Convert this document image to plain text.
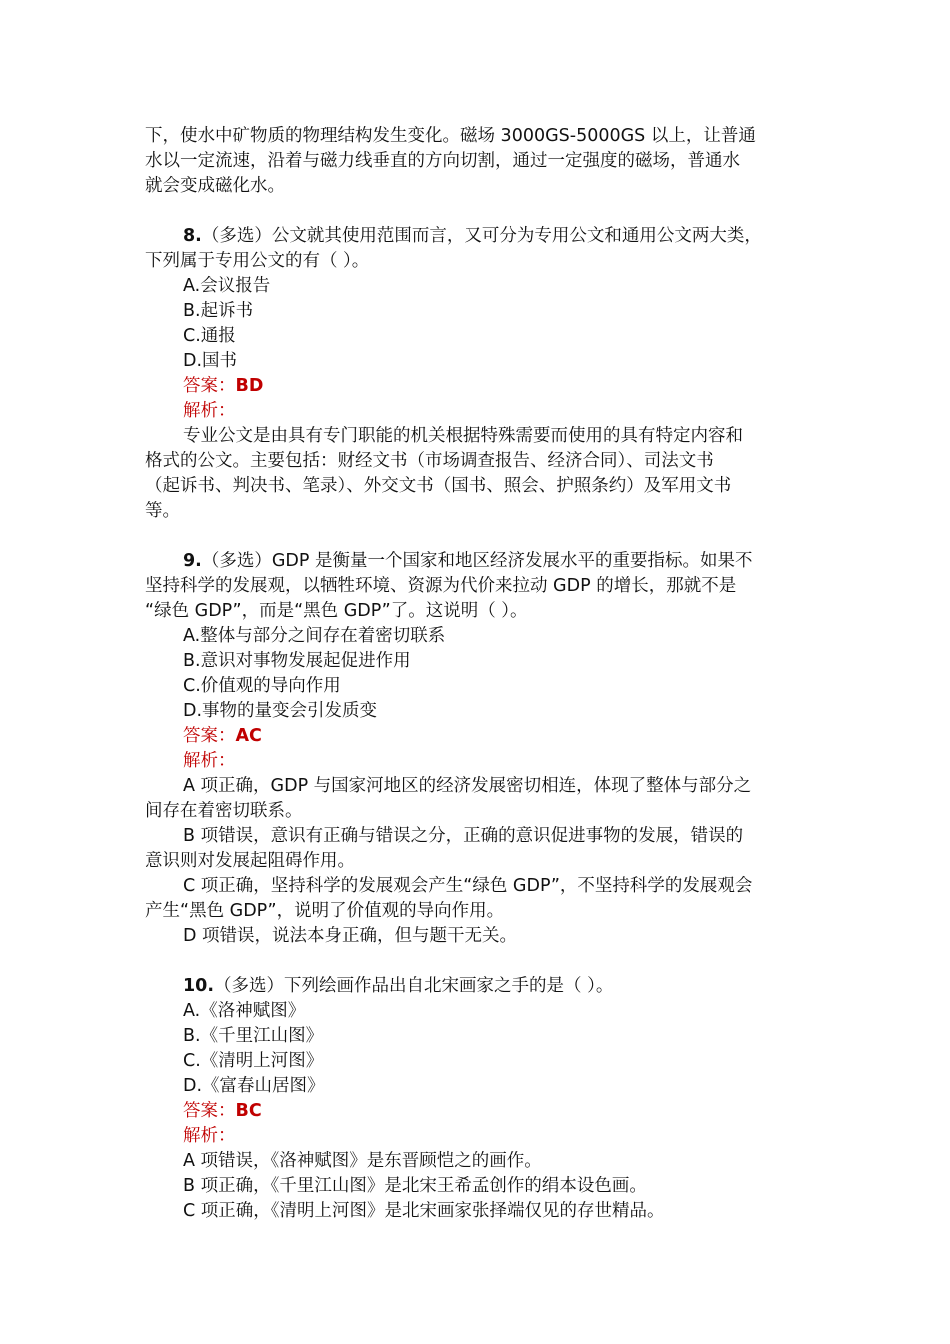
下，使水中矿物质的物理结构发生变化。磁场 3000GS-5000GS 以上，让普通
水以一定流速，沿着与磁力线垂直的方向切割，通过一定强度的磁场，普通水
就会变成磁化水。
8.（多选）公文就其使用范围而言，又可分为专用公文和通用公文两大类，
下列属于专用公文的有（ ）。
A.会议报告
B.起诉书
C.通报
D.国书
答案：BD
解析：
专业公文是由具有专门职能的机关根据特殊需要而使用的具有特定内容和
格式的公文。主要包括：财经文书（市场调查报告、经济合同）、司法文书
（起诉书、判决书、笔录）、外交文书（国书、照会、护照条约）及军用文书
等。
9.（多选）GDP 是衡量一个国家和地区经济发展水平的重要指标。如果不
坚持科学的发展观，以牺牲环境、资源为代价来拉动 GDP 的增长，那就不是
“绿色 GDP”，而是“黑色 GDP”了。这说明（ ）。
A.整体与部分之间存在着密切联系
B.意识对事物发展起促进作用
C.价值观的导向作用
D.事物的量变会引发质变
答案：AC
解析：
A 项正确，GDP 与国家河地区的经济发展密切相连，体现了整体与部分之
间存在着密切联系。
B 项错误，意识有正确与错误之分，正确的意识促进事物的发展，错误的
意识则对发展起阻碍作用。
C 项正确，坚持科学的发展观会产生“绿色 GDP”，不坚持科学的发展观会
产生“黑色 GDP”，说明了价值观的导向作用。
D 项错误，说法本身正确，但与题干无关。
10.（多选）下列绘画作品出自北宋画家之手的是（ ）。
A.《洛神赋图》
B.《千里江山图》
C.《清明上河图》
D.《富春山居图》
答案：BC
解析：
A 项错误，《洛神赋图》是东晋顾恺之的画作。
B 项正确，《千里江山图》是北宋王希孟创作的绢本设色画。
C 项正确，《清明上河图》是北宋画家张择端仅见的存世精品。
